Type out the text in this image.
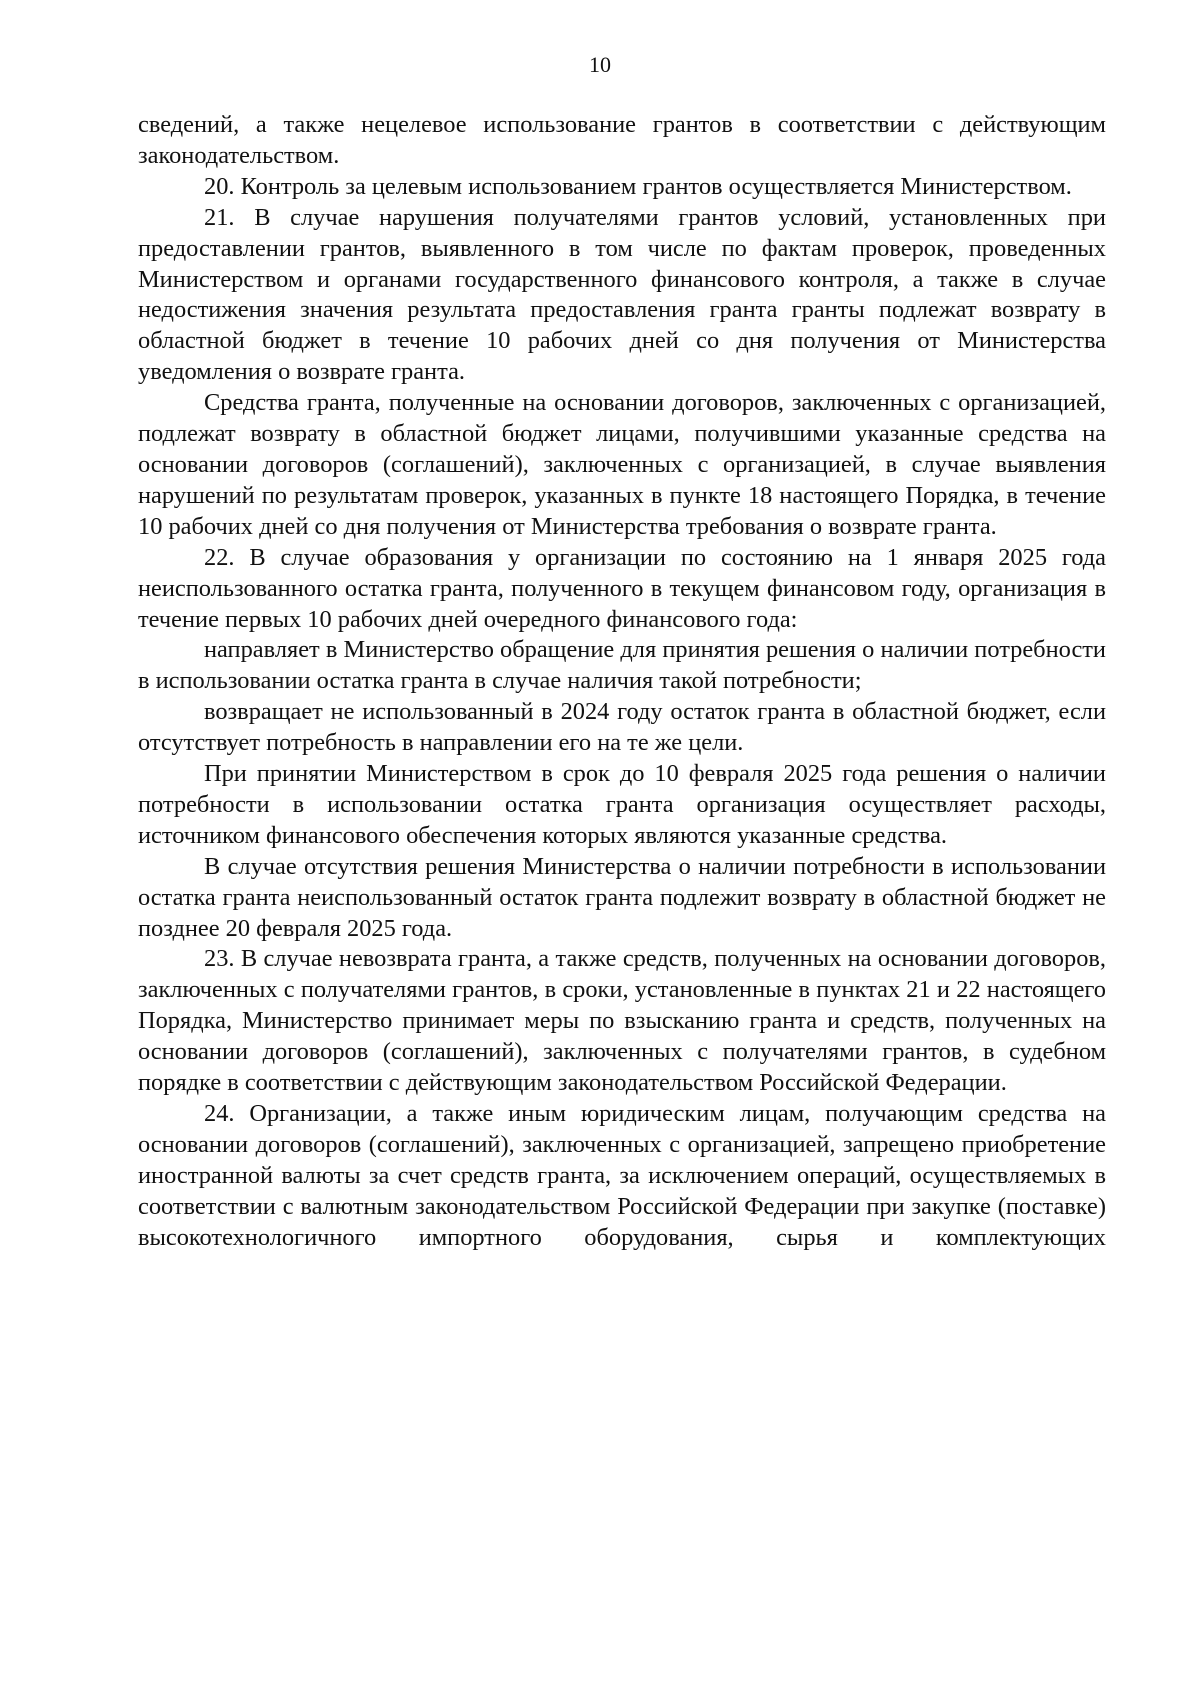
10

сведений, а также нецелевое использование грантов в соответствии с действующим законодательством.

20. Контроль за целевым использованием грантов осуществляется Министерством.

21. В случае нарушения получателями грантов условий, установленных при предоставлении грантов, выявленного в том числе по фактам проверок, проведенных Министерством и органами государственного финансового контроля, а также в случае недостижения значения результата предоставления гранта гранты подлежат возврату в областной бюджет в течение 10 рабочих дней со дня получения от Министерства уведомления о возврате гранта.

Средства гранта, полученные на основании договоров, заключенных с организацией, подлежат возврату в областной бюджет лицами, получившими указанные средства на основании договоров (соглашений), заключенных с организацией, в случае выявления нарушений по результатам проверок, указанных в пункте 18 настоящего Порядка, в течение 10 рабочих дней со дня получения от Министерства требования о возврате гранта.

22. В случае образования у организации по состоянию на 1 января 2025 года неиспользованного остатка гранта, полученного в текущем финансовом году, организация в течение первых 10 рабочих дней очередного финансового года:

направляет в Министерство обращение для принятия решения о наличии потребности в использовании остатка гранта в случае наличия такой потребности;

возвращает не использованный в 2024 году остаток гранта в областной бюджет, если отсутствует потребность в направлении его на те же цели.

При принятии Министерством в срок до 10 февраля 2025 года решения о наличии потребности в использовании остатка гранта организация осуществляет расходы, источником финансового обеспечения которых являются указанные средства.

В случае отсутствия решения Министерства о наличии потребности в использовании остатка гранта неиспользованный остаток гранта подлежит возврату в областной бюджет не позднее 20 февраля 2025 года.

23. В случае невозврата гранта, а также средств, полученных на основании договоров, заключенных с получателями грантов, в сроки, установленные в пунктах 21 и 22 настоящего Порядка, Министерство принимает меры по взысканию гранта и средств, полученных на основании договоров (соглашений), заключенных с получателями грантов, в судебном порядке в соответствии с действующим законодательством Российской Федерации.

24. Организации, а также иным юридическим лицам, получающим средства на основании договоров (соглашений), заключенных с организацией, запрещено приобретение иностранной валюты за счет средств гранта, за исключением операций, осуществляемых в соответствии с валютным законодательством Российской Федерации при закупке (поставке) высокотехнологичного импортного оборудования, сырья и комплектующих
